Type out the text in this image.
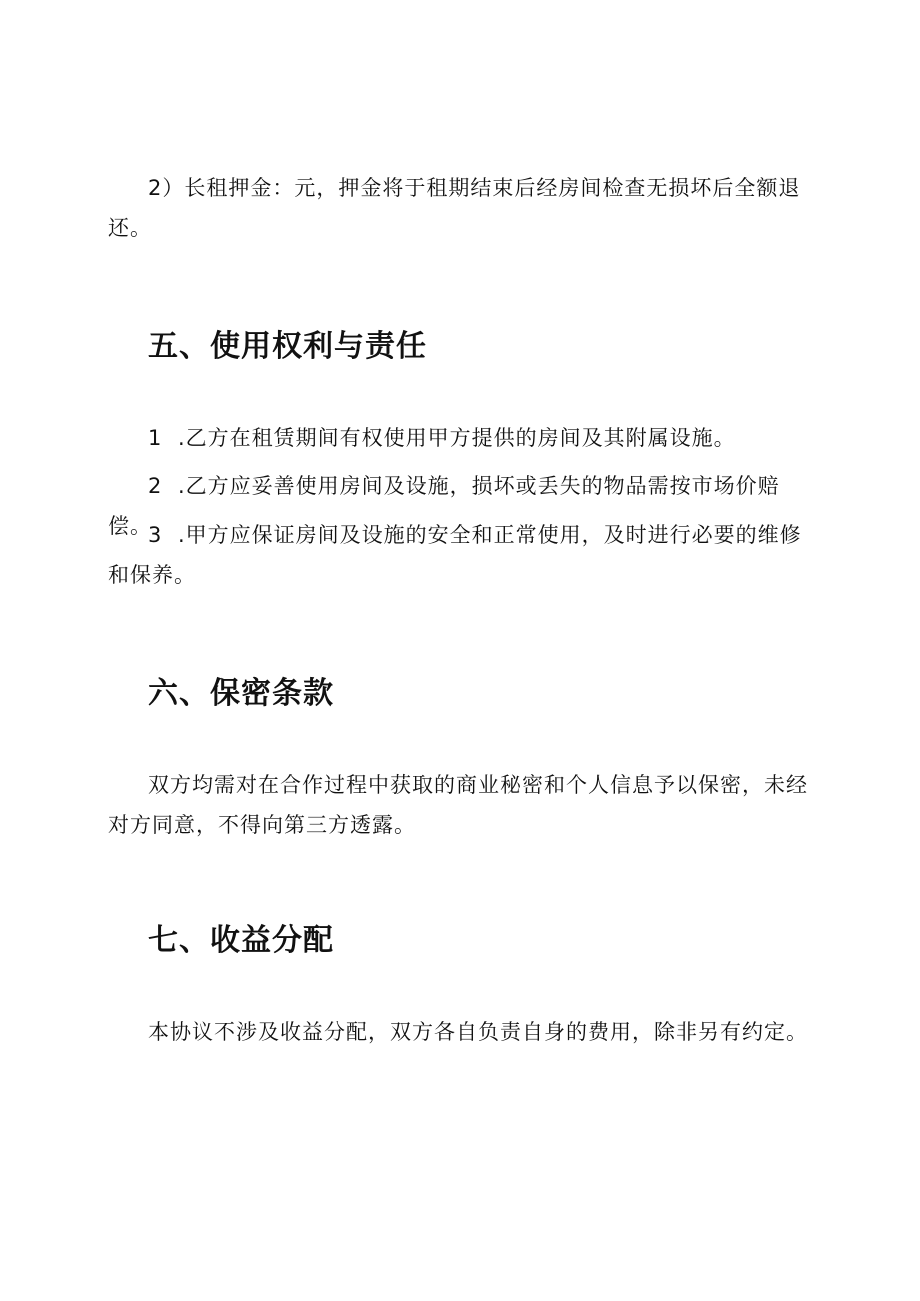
2）长租押金：元，押金将于租期结束后经房间检查无损坏后全额退还。

五、使用权利与责任

1 .乙方在租赁期间有权使用甲方提供的房间及其附属设施。

2 .乙方应妥善使用房间及设施，损坏或丢失的物品需按市场价赔偿。

3 .甲方应保证房间及设施的安全和正常使用，及时进行必要的维修和保养。

六、保密条款

双方均需对在合作过程中获取的商业秘密和个人信息予以保密，未经对方同意，不得向第三方透露。

七、收益分配

本协议不涉及收益分配，双方各自负责自身的费用，除非另有约定。
